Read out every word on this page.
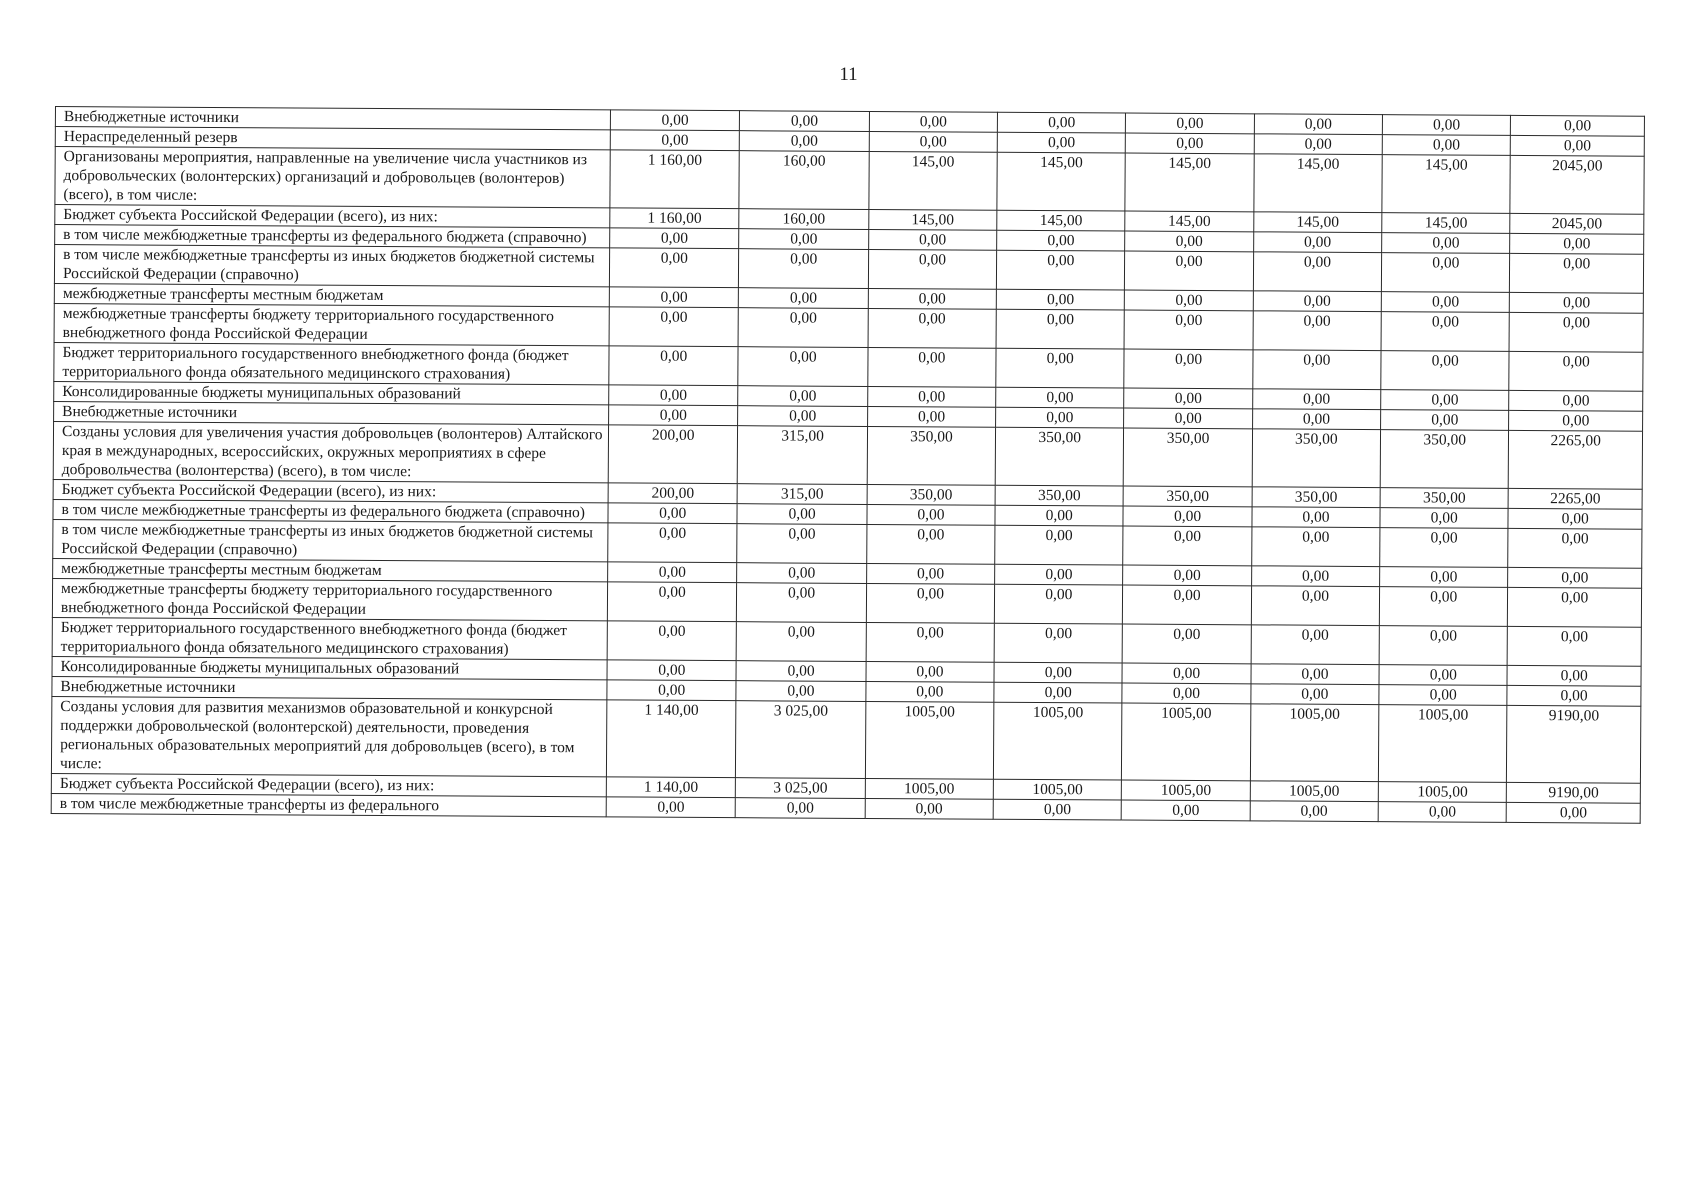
11
Внебюджетные источники	0,00	0,00	0,00	0,00	0,00	0,00	0,00	0,00
Нераспределенный резерв	0,00	0,00	0,00	0,00	0,00	0,00	0,00	0,00
Организованы мероприятия, направленные на увеличение числа участников из добровольческих (волонтерских) организаций и добровольцев (волонтеров) (всего), в том числе:	1 160,00	160,00	145,00	145,00	145,00	145,00	145,00	2045,00
Бюджет субъекта Российской Федерации (всего), из них:	1 160,00	160,00	145,00	145,00	145,00	145,00	145,00	2045,00
в том числе межбюджетные трансферты из федерального бюджета (справочно)	0,00	0,00	0,00	0,00	0,00	0,00	0,00	0,00
в том числе межбюджетные трансферты из иных бюджетов бюджетной системы Российской Федерации (справочно)	0,00	0,00	0,00	0,00	0,00	0,00	0,00	0,00
межбюджетные трансферты местным бюджетам	0,00	0,00	0,00	0,00	0,00	0,00	0,00	0,00
межбюджетные трансферты бюджету территориального государственного внебюджетного фонда Российской Федерации	0,00	0,00	0,00	0,00	0,00	0,00	0,00	0,00
Бюджет территориального государственного внебюджетного фонда (бюджет территориального фонда обязательного медицинского страхования)	0,00	0,00	0,00	0,00	0,00	0,00	0,00	0,00
Консолидированные бюджеты муниципальных образований	0,00	0,00	0,00	0,00	0,00	0,00	0,00	0,00
Внебюджетные источники	0,00	0,00	0,00	0,00	0,00	0,00	0,00	0,00
Созданы условия для увеличения участия добровольцев (волонтеров) Алтайского края в международных, всероссийских, окружных мероприятиях в сфере добровольчества (волонтерства) (всего), в том числе:	200,00	315,00	350,00	350,00	350,00	350,00	350,00	2265,00
Бюджет субъекта Российской Федерации (всего), из них:	200,00	315,00	350,00	350,00	350,00	350,00	350,00	2265,00
в том числе межбюджетные трансферты из федерального бюджета (справочно)	0,00	0,00	0,00	0,00	0,00	0,00	0,00	0,00
в том числе межбюджетные трансферты из иных бюджетов бюджетной системы Российской Федерации (справочно)	0,00	0,00	0,00	0,00	0,00	0,00	0,00	0,00
межбюджетные трансферты местным бюджетам	0,00	0,00	0,00	0,00	0,00	0,00	0,00	0,00
межбюджетные трансферты бюджету территориального государственного внебюджетного фонда Российской Федерации	0,00	0,00	0,00	0,00	0,00	0,00	0,00	0,00
Бюджет территориального государственного внебюджетного фонда (бюджет территориального фонда обязательного медицинского страхования)	0,00	0,00	0,00	0,00	0,00	0,00	0,00	0,00
Консолидированные бюджеты муниципальных образований	0,00	0,00	0,00	0,00	0,00	0,00	0,00	0,00
Внебюджетные источники	0,00	0,00	0,00	0,00	0,00	0,00	0,00	0,00
Созданы условия для развития механизмов образовательной и конкурсной поддержки добровольческой (волонтерской) деятельности, проведения региональных образовательных мероприятий для добровольцев (всего), в том числе:	1 140,00	3 025,00	1005,00	1005,00	1005,00	1005,00	1005,00	9190,00
Бюджет субъекта Российской Федерации (всего), из них:	1 140,00	3 025,00	1005,00	1005,00	1005,00	1005,00	1005,00	9190,00
в том числе межбюджетные трансферты из федерального	0,00	0,00	0,00	0,00	0,00	0,00	0,00	0,00
